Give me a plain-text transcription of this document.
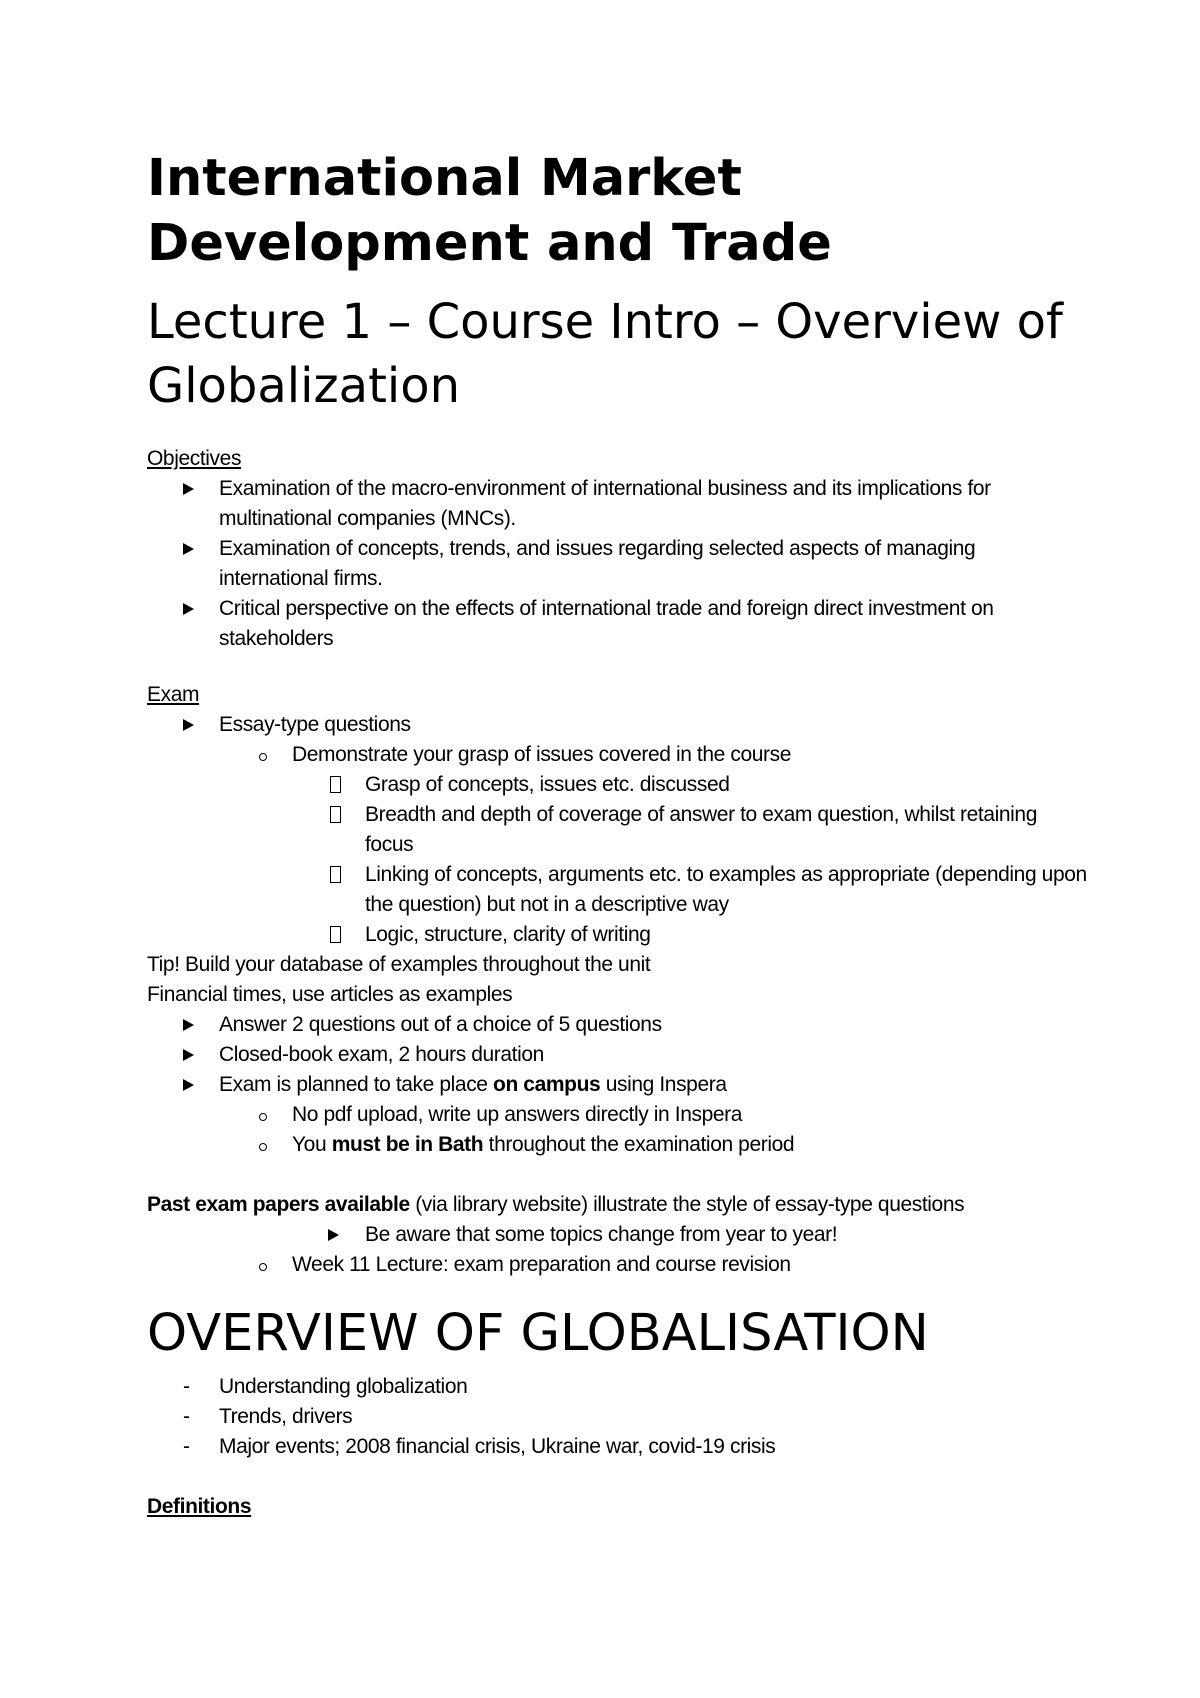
International Market Development and Trade
Lecture 1 – Course Intro – Overview of Globalization
Objectives
Examination of the macro-environment of international business and its implications for multinational companies (MNCs).
Examination of concepts, trends, and issues regarding selected aspects of managing international firms.
Critical perspective on the effects of international trade and foreign direct investment on stakeholders
Exam
Essay-type questions
Demonstrate your grasp of issues covered in the course
Grasp of concepts, issues etc. discussed
Breadth and depth of coverage of answer to exam question, whilst retaining focus
Linking of concepts, arguments etc. to examples as appropriate (depending upon the question) but not in a descriptive way
Logic, structure, clarity of writing
Tip! Build your database of examples throughout the unit
Financial times, use articles as examples
Answer 2 questions out of a choice of 5 questions
Closed-book exam, 2 hours duration
Exam is planned to take place on campus using Inspera
No pdf upload, write up answers directly in Inspera
You must be in Bath throughout the examination period
Past exam papers available (via library website) illustrate the style of essay-type questions
Be aware that some topics change from year to year!
Week 11 Lecture: exam preparation and course revision
OVERVIEW OF GLOBALISATION
-	Understanding globalization
-	Trends, drivers
-	Major events; 2008 financial crisis, Ukraine war, covid-19 crisis
Definitions
